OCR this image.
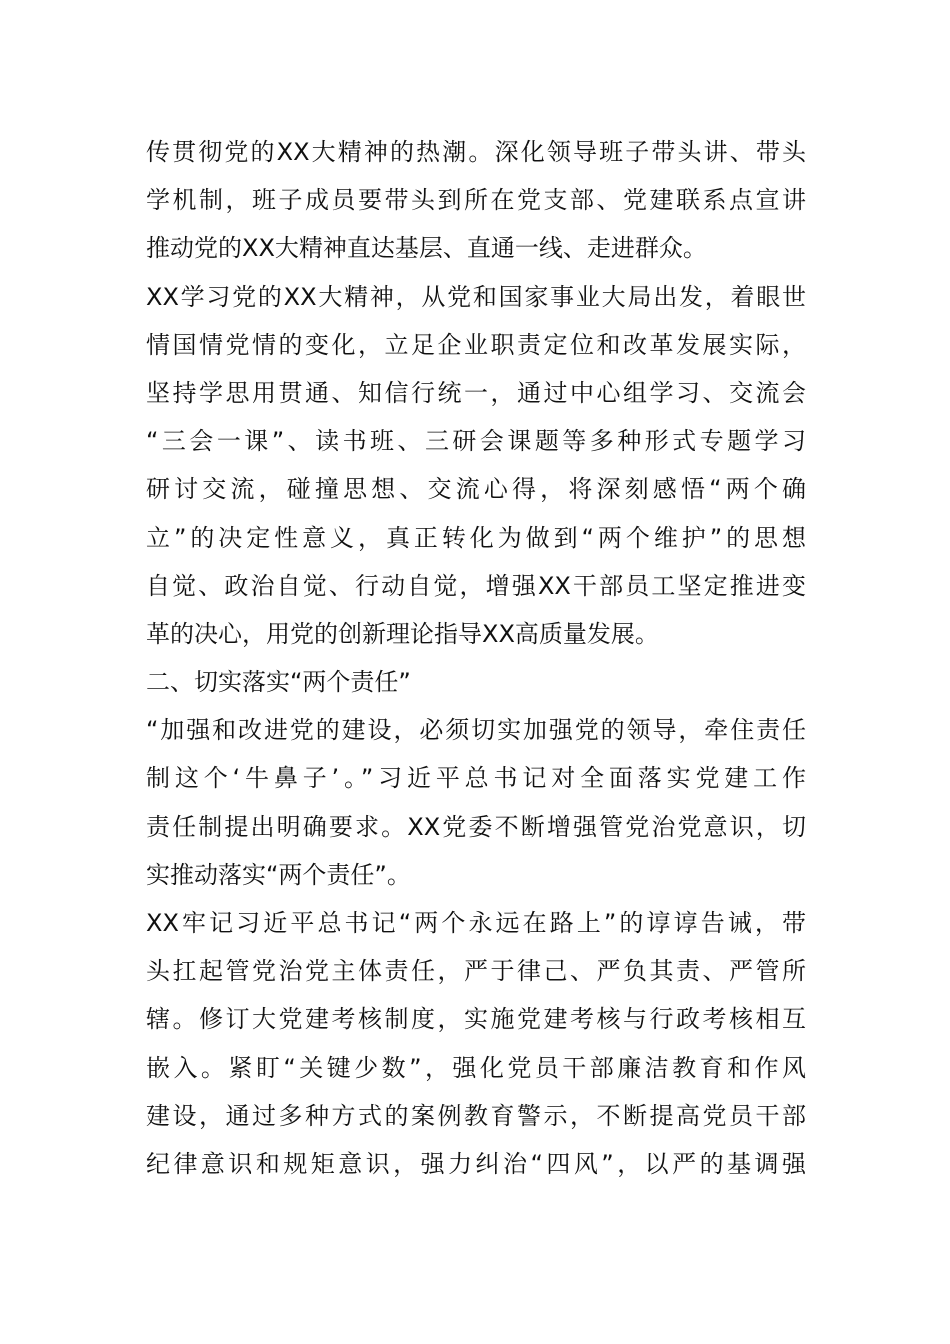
传贯彻党的XX大精神的热潮。深化领导班子带头讲、带头
学机制，班子成员要带头到所在党支部、党建联系点宣讲
推动党的XX大精神直达基层、直通一线、走进群众。
XX学习党的XX大精神，从党和国家事业大局出发，着眼世
情国情党情的变化，立足企业职责定位和改革发展实际，
坚持学思用贯通、知信行统一，通过中心组学习、交流会
“三会一课”、读书班、三研会课题等多种形式专题学习
研讨交流，碰撞思想、交流心得，将深刻感悟“两个确
立”的决定性意义，真正转化为做到“两个维护”的思想
自觉、政治自觉、行动自觉，增强XX干部员工坚定推进变
革的决心，用党的创新理论指导XX高质量发展。
二、切实落实“两个责任”
“加强和改进党的建设，必须切实加强党的领导，牵住责任
制这个‘牛鼻子’。”习近平总书记对全面落实党建工作
责任制提出明确要求。XX党委不断增强管党治党意识，切
实推动落实“两个责任”。
XX牢记习近平总书记“两个永远在路上”的谆谆告诫，带
头扛起管党治党主体责任，严于律己、严负其责、严管所
辖。修订大党建考核制度，实施党建考核与行政考核相互
嵌入。紧盯“关键少数”，强化党员干部廉洁教育和作风
建设，通过多种方式的案例教育警示，不断提高党员干部
纪律意识和规矩意识，强力纠治“四风”，以严的基调强
